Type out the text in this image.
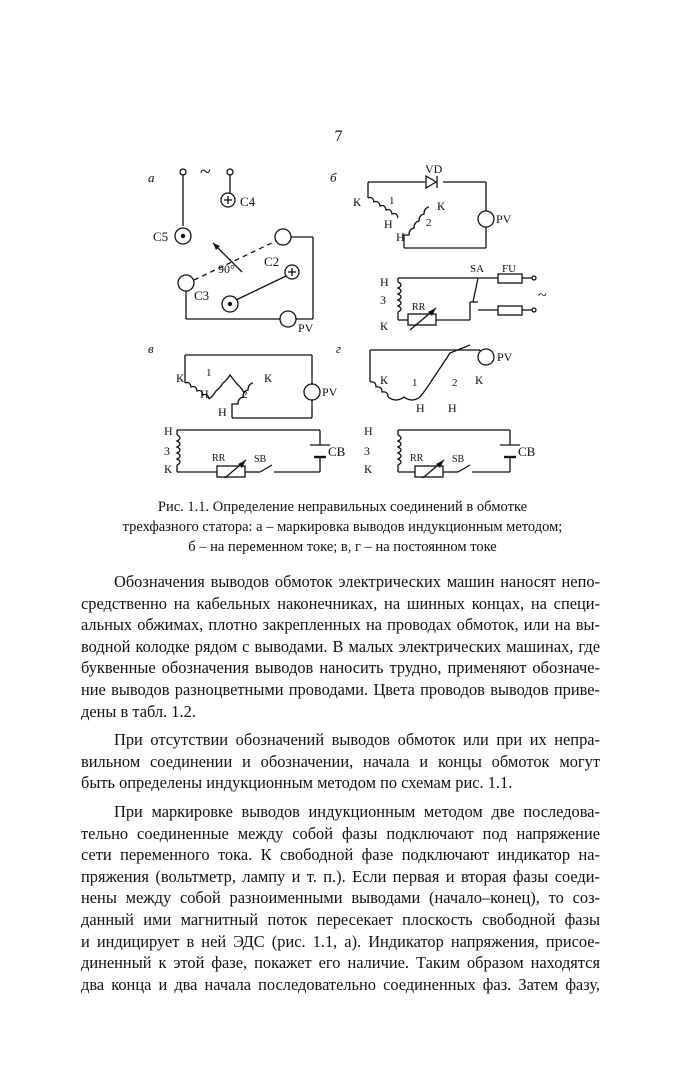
7
а ~
С4
С5
С2
С3
90°
PV
б
VD
К	К
Н
Н
1
2	PV
Н
3
К
SA FU
RR
~
в
К	К
Н
Н
1
2	PV
Н
3
К
RR	SB
СВ
г
К	К
Н Н
1	2
PV
Н
3
К
RR	SB
СВ
Рис. 1.1. Определение неправильных соединений в обмотке
трехфазного статора: а – маркировка выводов индукционным методом;
б – на переменном токе; в, г – на постоянном токе
Обозначения выводов обмоток электрических машин наносят непо-
средственно на кабельных наконечниках, на шинных концах, на специ-
альных обжимах, плотно закрепленных на проводах обмоток, или на вы-
водной колодке рядом с выводами. В малых электрических машинах, где
буквенные обозначения выводов наносить трудно, применяют обозначе-
ние выводов разноцветными проводами. Цвета проводов выводов приве-
дены в табл. 1.2.
При отсутствии обозначений выводов обмоток или при их непра-
вильном соединении и обозначении, начала и концы обмоток могут
быть определены индукционным методом по схемам рис. 1.1.
При маркировке выводов индукционным методом две последова-
тельно соединенные между собой фазы подключают под напряжение
сети переменного тока. К свободной фазе подключают индикатор на-
пряжения (вольтметр, лампу и т. п.). Если первая и вторая фазы соеди-
нены между собой разноименными выводами (начало–конец), то соз-
данный ими магнитный поток пересекает плоскость свободной фазы
и индицирует в ней ЭДС (рис. 1.1, а). Индикатор напряжения, присое-
диненный к этой фазе, покажет его наличие. Таким образом находятся
два конца и два начала последовательно соединенных фаз. Затем фазу,
